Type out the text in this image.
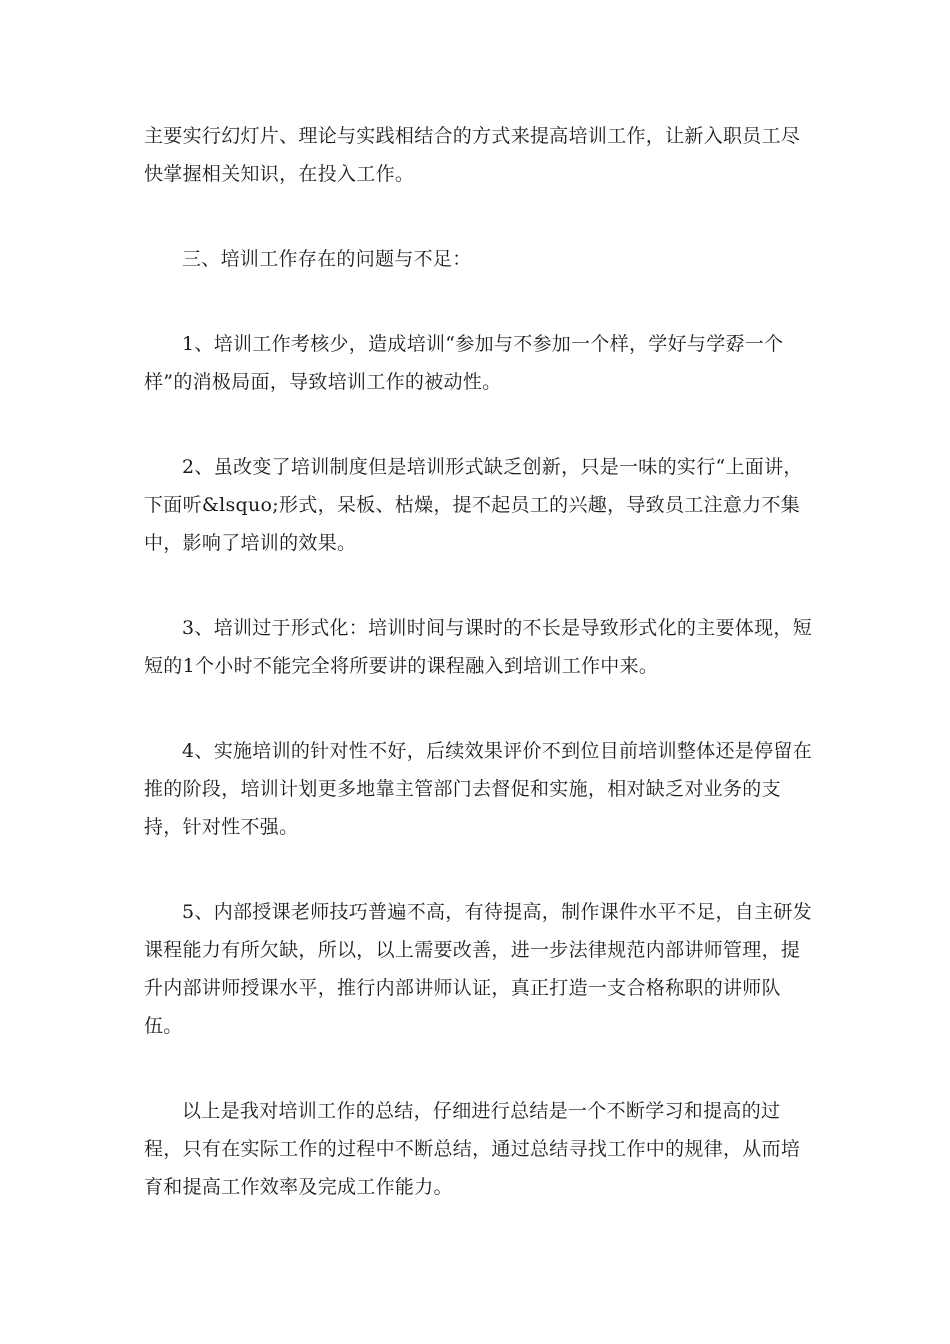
主要实行幻灯片、理论与实践相结合的方式来提高培训工作，让新入职员工尽快掌握相关知识，在投入工作。

三、培训工作存在的问题与不足：

1、培训工作考核少，造成培训“参加与不参加一个样，学好与学孬一个样”的消极局面，导致培训工作的被动性。

2、虽改变了培训制度但是培训形式缺乏创新，只是一味的实行“上面讲，下面听&lsquo;形式，呆板、枯燥，提不起员工的兴趣，导致员工注意力不集中，影响了培训的效果。

3、培训过于形式化：培训时间与课时的不长是导致形式化的主要体现，短短的1个小时不能完全将所要讲的课程融入到培训工作中来。

4、实施培训的针对性不好，后续效果评价不到位目前培训整体还是停留在推的阶段，培训计划更多地靠主管部门去督促和实施，相对缺乏对业务的支持，针对性不强。

5、内部授课老师技巧普遍不高，有待提高，制作课件水平不足，自主研发课程能力有所欠缺，所以，以上需要改善，进一步法律规范内部讲师管理，提升内部讲师授课水平，推行内部讲师认证，真正打造一支合格称职的讲师队伍。

以上是我对培训工作的总结，仔细进行总结是一个不断学习和提高的过程，只有在实际工作的过程中不断总结，通过总结寻找工作中的规律，从而培育和提高工作效率及完成工作能力。
